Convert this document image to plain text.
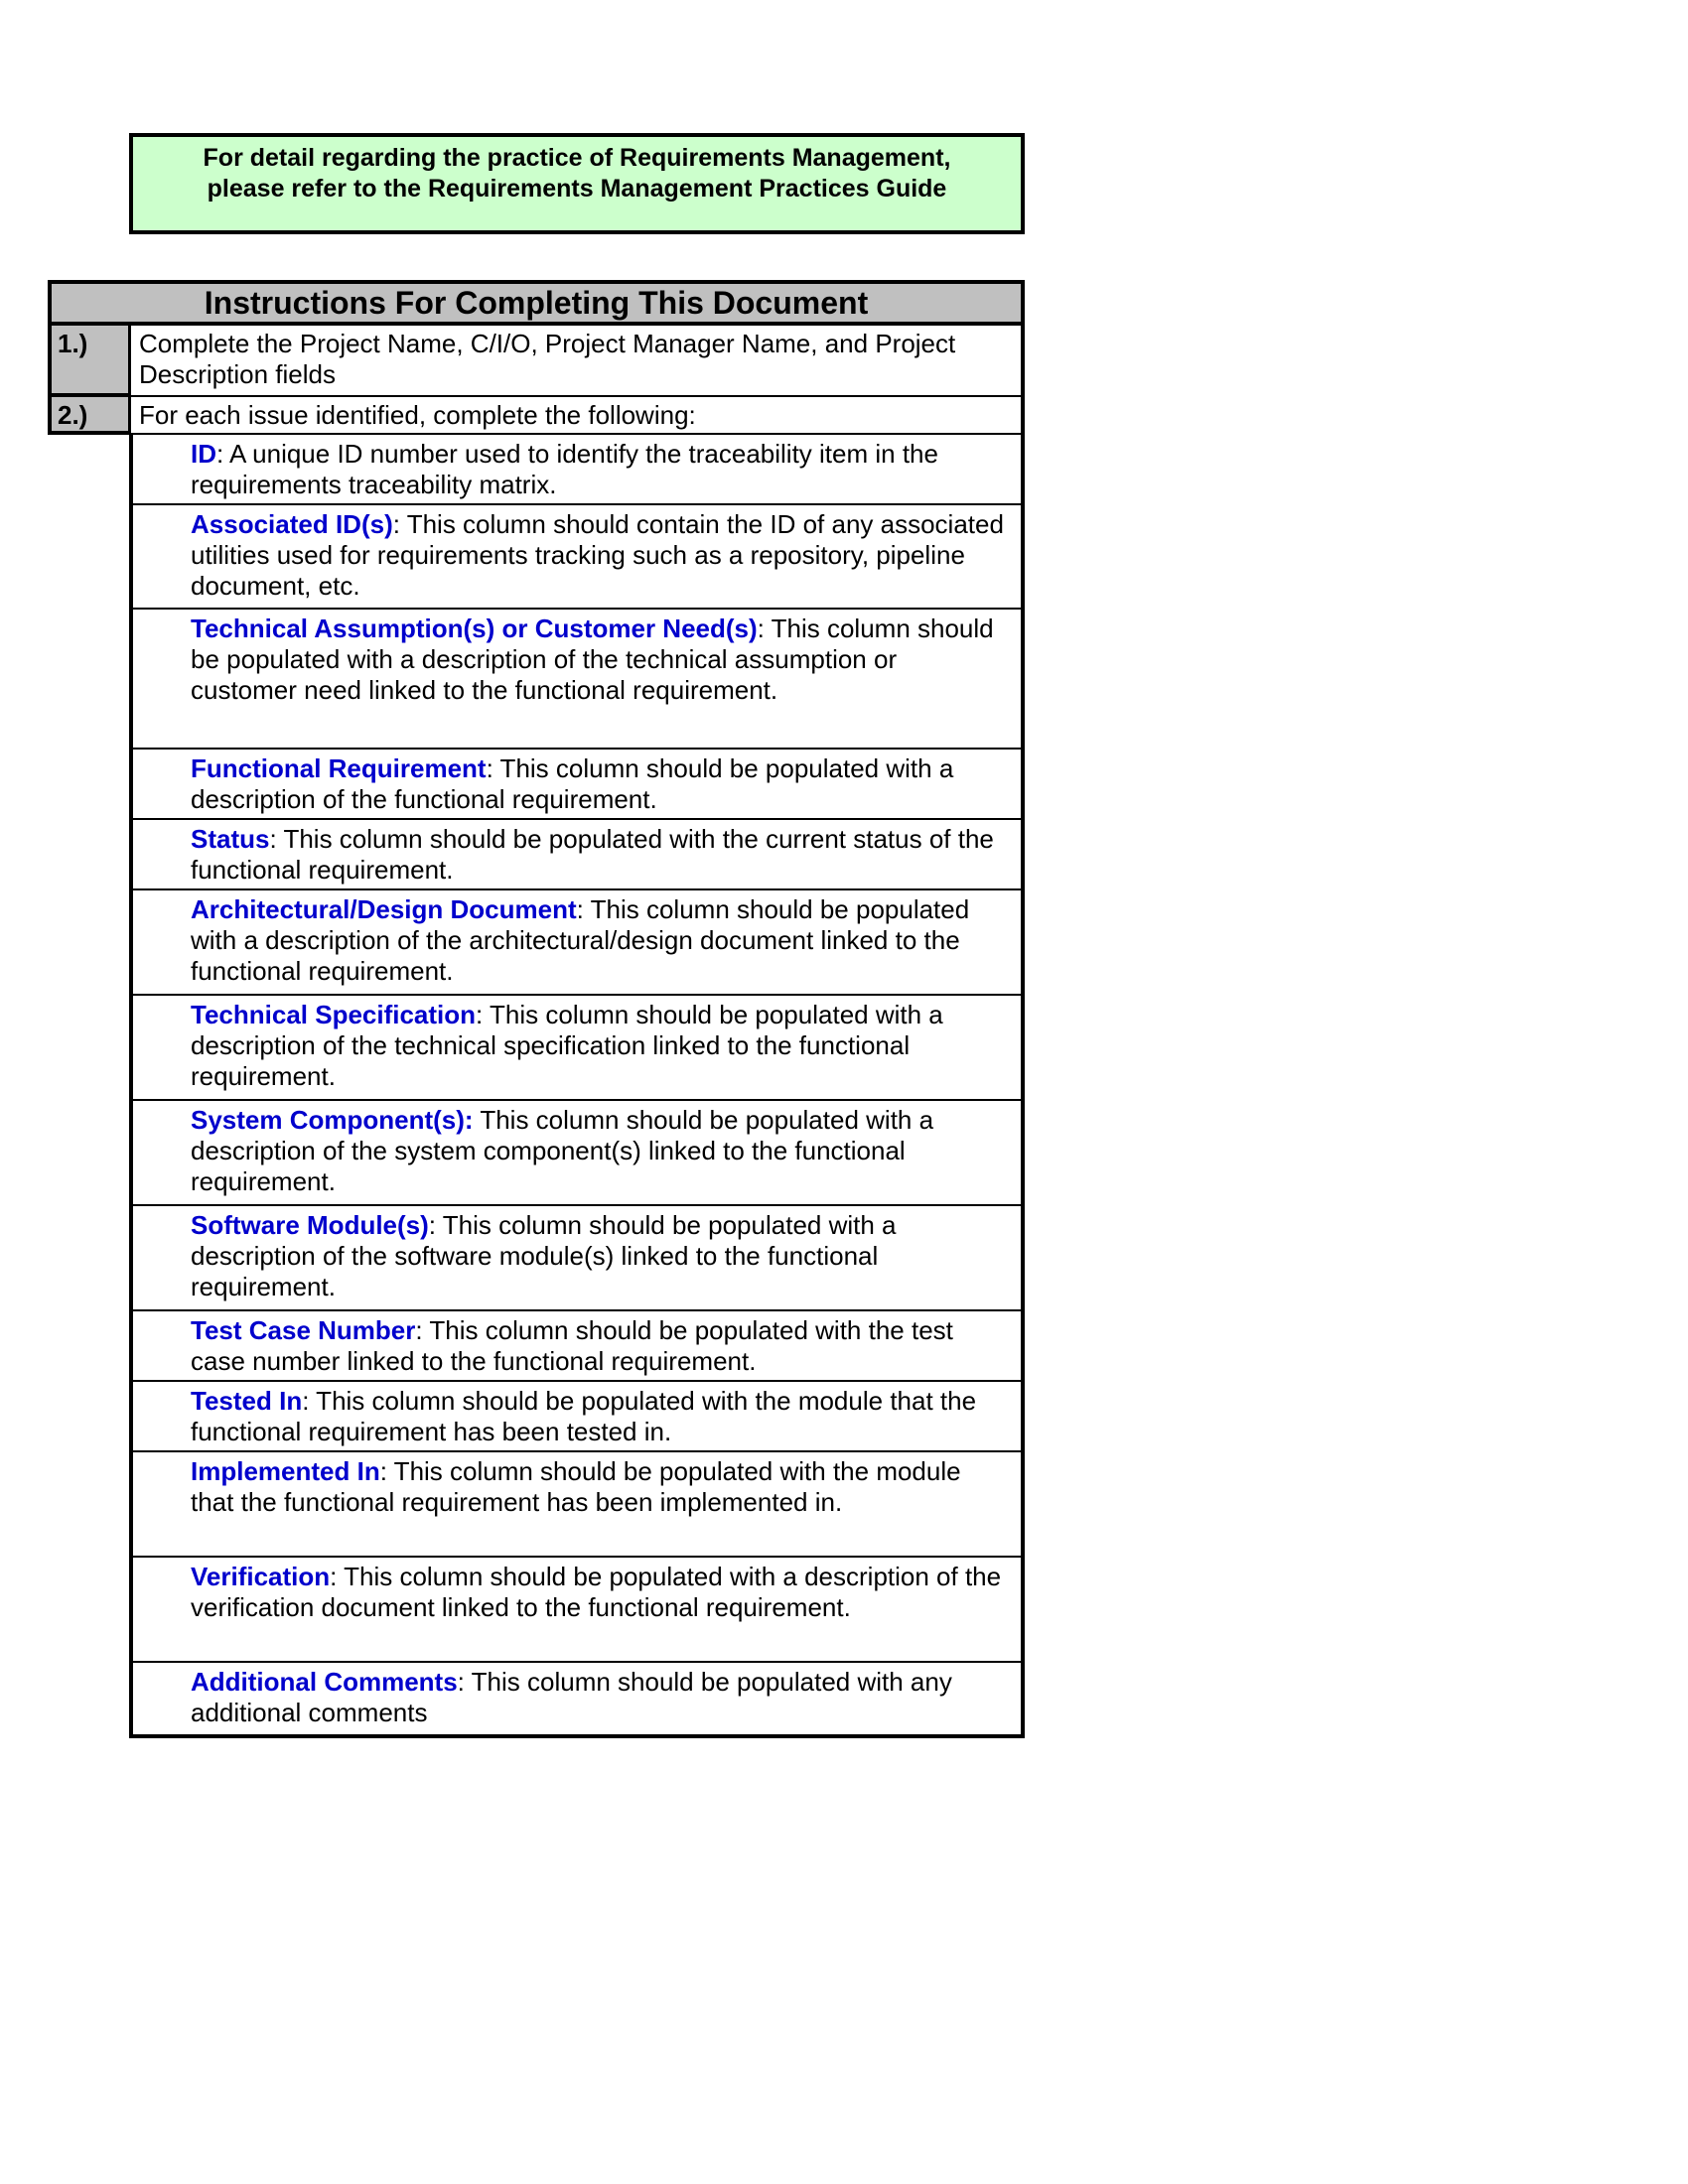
For detail regarding the practice of Requirements Management,
please refer to the Requirements Management Practices Guide
Instructions For Completing This Document
1.)	Complete the Project Name, C/I/O, Project Manager Name, and Project Description fields
2.)	For each issue identified, complete the following:
ID: A unique ID number used to identify the traceability item in the requirements traceability matrix.
Associated ID(s): This column should contain the ID of any associated utilities used for requirements tracking such as a repository, pipeline document, etc.
Technical Assumption(s) or Customer Need(s): This column should be populated with a description of the technical assumption or customer need linked to the functional requirement.
Functional Requirement: This column should be populated with a description of the functional requirement.
Status: This column should be populated with the current status of the functional requirement.
Architectural/Design Document: This column should be populated with a description of the architectural/design document linked to the functional requirement.
Technical Specification: This column should be populated with a description of the technical specification linked to the functional requirement.
System Component(s): This column should be populated with a description of the system component(s) linked to the functional requirement.
Software Module(s): This column should be populated with a description of the software module(s) linked to the functional requirement.
Test Case Number: This column should be populated with the test case number linked to the functional requirement.
Tested In: This column should be populated with the module that the functional requirement has been tested in.
Implemented In: This column should be populated with the module that the functional requirement has been implemented in.
Verification: This column should be populated with a description of the verification document linked to the functional requirement.
Additional Comments: This column should be populated with any additional comments
